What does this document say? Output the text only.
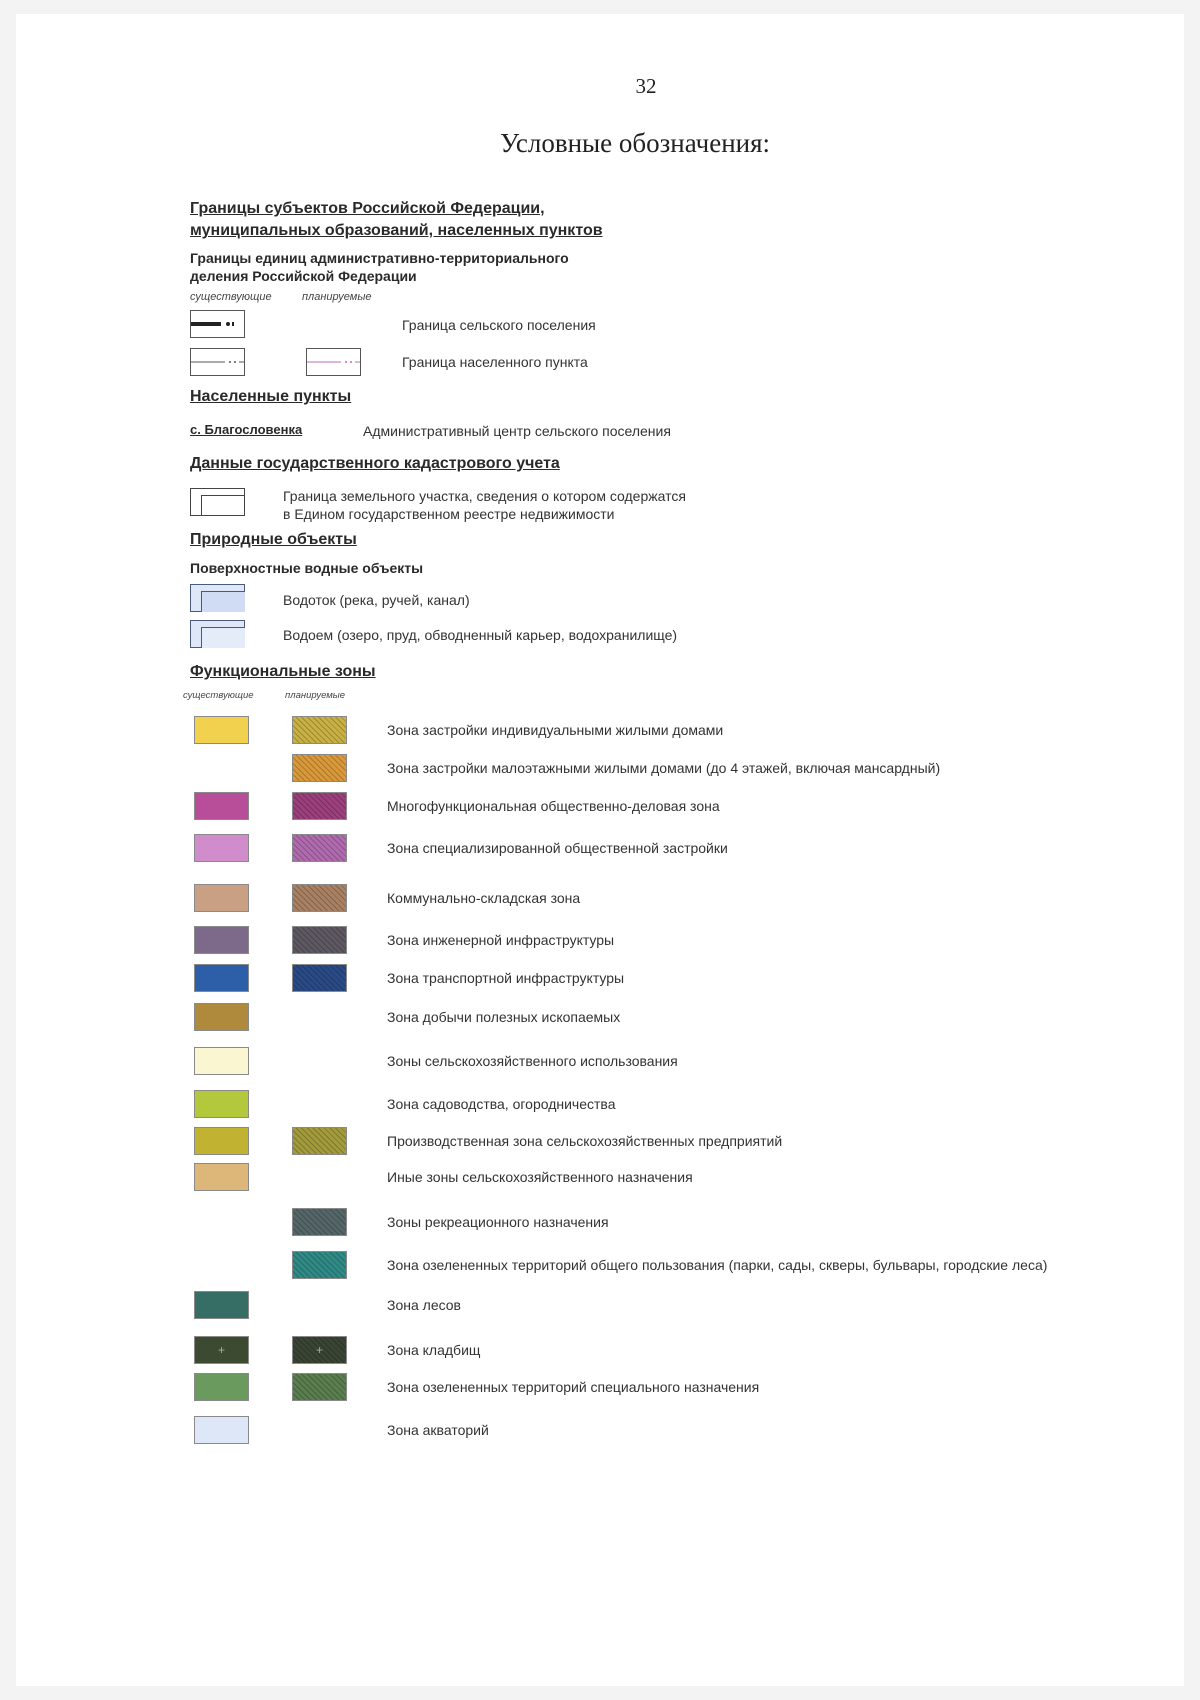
32
Условные обозначения:
Границы субъектов Российской Федерации,
муниципальных образований, населенных пунктов
Границы единиц административно-территориального
деления Российской Федерации
существующие	планируемые
Граница сельского поселения
Граница населенного пункта
Населенные пункты
с. Благословенка	Административный центр сельского поселения
Данные государственного кадастрового учета
Граница земельного участка, сведения о котором содержатся
в Едином государственном реестре недвижимости
Природные объекты
Поверхностные водные объекты
Водоток (река, ручей, канал)
Водоем (озеро, пруд, обводненный карьер, водохранилище)
Функциональные зоны
существующие	планируемые
Зона застройки индивидуальными жилыми домами
Зона застройки малоэтажными жилыми домами (до 4 этажей, включая мансардный)
Многофункциональная общественно-деловая зона
Зона специализированной общественной застройки
Коммунально-складская зона
Зона инженерной инфраструктуры
Зона транспортной инфраструктуры
Зона добычи полезных ископаемых
Зоны сельскохозяйственного использования
Зона садоводства, огородничества
Производственная зона сельскохозяйственных предприятий
Иные зоны сельскохозяйственного назначения
Зоны рекреационного назначения
Зона озелененных территорий общего пользования (парки, сады, скверы, бульвары, городские леса)
Зона лесов
+	+	Зона кладбищ
Зона озелененных территорий специального назначения
Зона акваторий
